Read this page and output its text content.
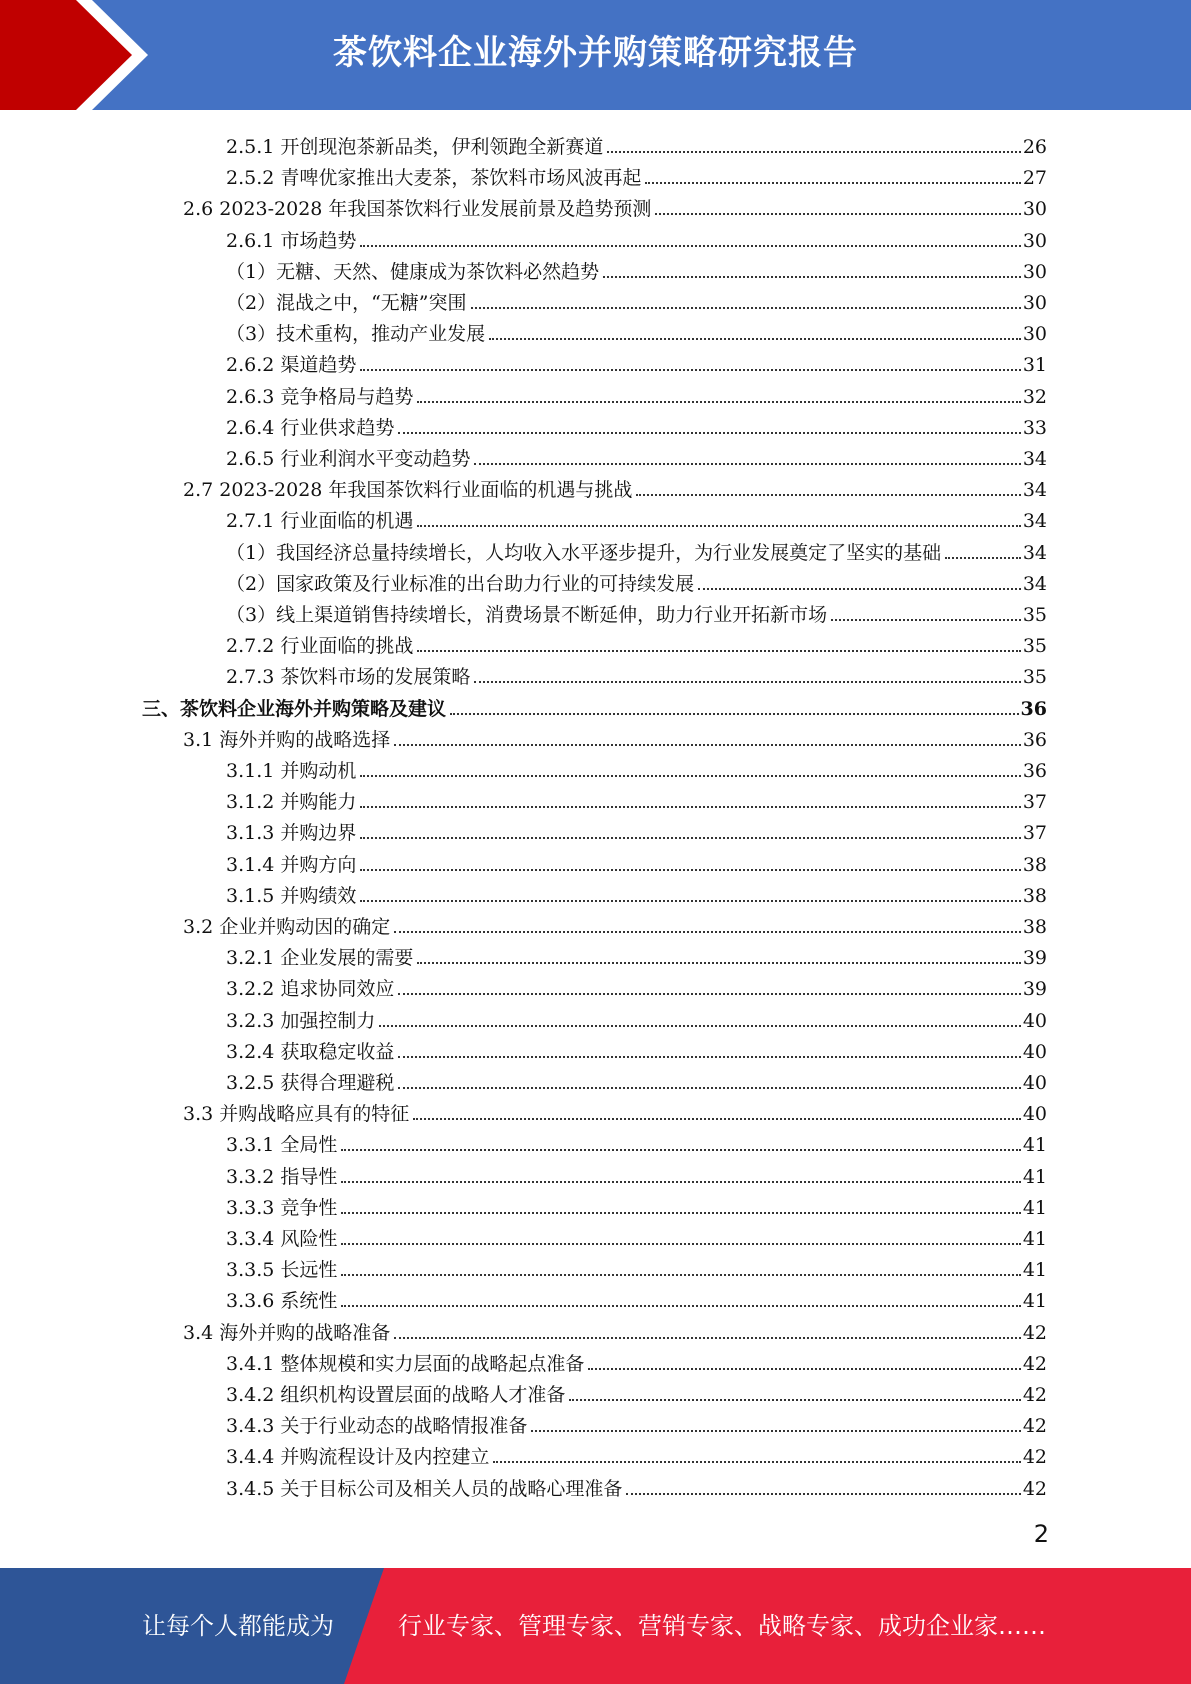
茶饮料企业海外并购策略研究报告
2.5.1 开创现泡茶新品类，伊利领跑全新赛道	26
2.5.2 青啤优家推出大麦茶，茶饮料市场风波再起	27
2.6 2023-2028 年我国茶饮料行业发展前景及趋势预测	30
2.6.1 市场趋势	30
（1）无糖、天然、健康成为茶饮料必然趋势	30
（2）混战之中，“无糖”突围	30
（3）技术重构，推动产业发展	30
2.6.2 渠道趋势	31
2.6.3 竞争格局与趋势	32
2.6.4 行业供求趋势	33
2.6.5 行业利润水平变动趋势	34
2.7 2023-2028 年我国茶饮料行业面临的机遇与挑战	34
2.7.1 行业面临的机遇	34
（1）我国经济总量持续增长，人均收入水平逐步提升，为行业发展奠定了坚实的基础	34
（2）国家政策及行业标准的出台助力行业的可持续发展	34
（3）线上渠道销售持续增长，消费场景不断延伸，助力行业开拓新市场	35
2.7.2 行业面临的挑战	35
2.7.3 茶饮料市场的发展策略	35
三、茶饮料企业海外并购策略及建议	36
3.1 海外并购的战略选择	36
3.1.1 并购动机	36
3.1.2 并购能力	37
3.1.3 并购边界	37
3.1.4 并购方向	38
3.1.5 并购绩效	38
3.2 企业并购动因的确定	38
3.2.1 企业发展的需要	39
3.2.2 追求协同效应	39
3.2.3 加强控制力	40
3.2.4 获取稳定收益	40
3.2.5 获得合理避税	40
3.3 并购战略应具有的特征	40
3.3.1 全局性	41
3.3.2 指导性	41
3.3.3 竞争性	41
3.3.4 风险性	41
3.3.5 长远性	41
3.3.6 系统性	41
3.4 海外并购的战略准备	42
3.4.1 整体规模和实力层面的战略起点准备	42
3.4.2 组织机构设置层面的战略人才准备	42
3.4.3 关于行业动态的战略情报准备	42
3.4.4 并购流程设计及内控建立	42
3.4.5 关于目标公司及相关人员的战略心理准备	42
2
让每个人都能成为	行业专家、管理专家、营销专家、战略专家、成功企业家……
